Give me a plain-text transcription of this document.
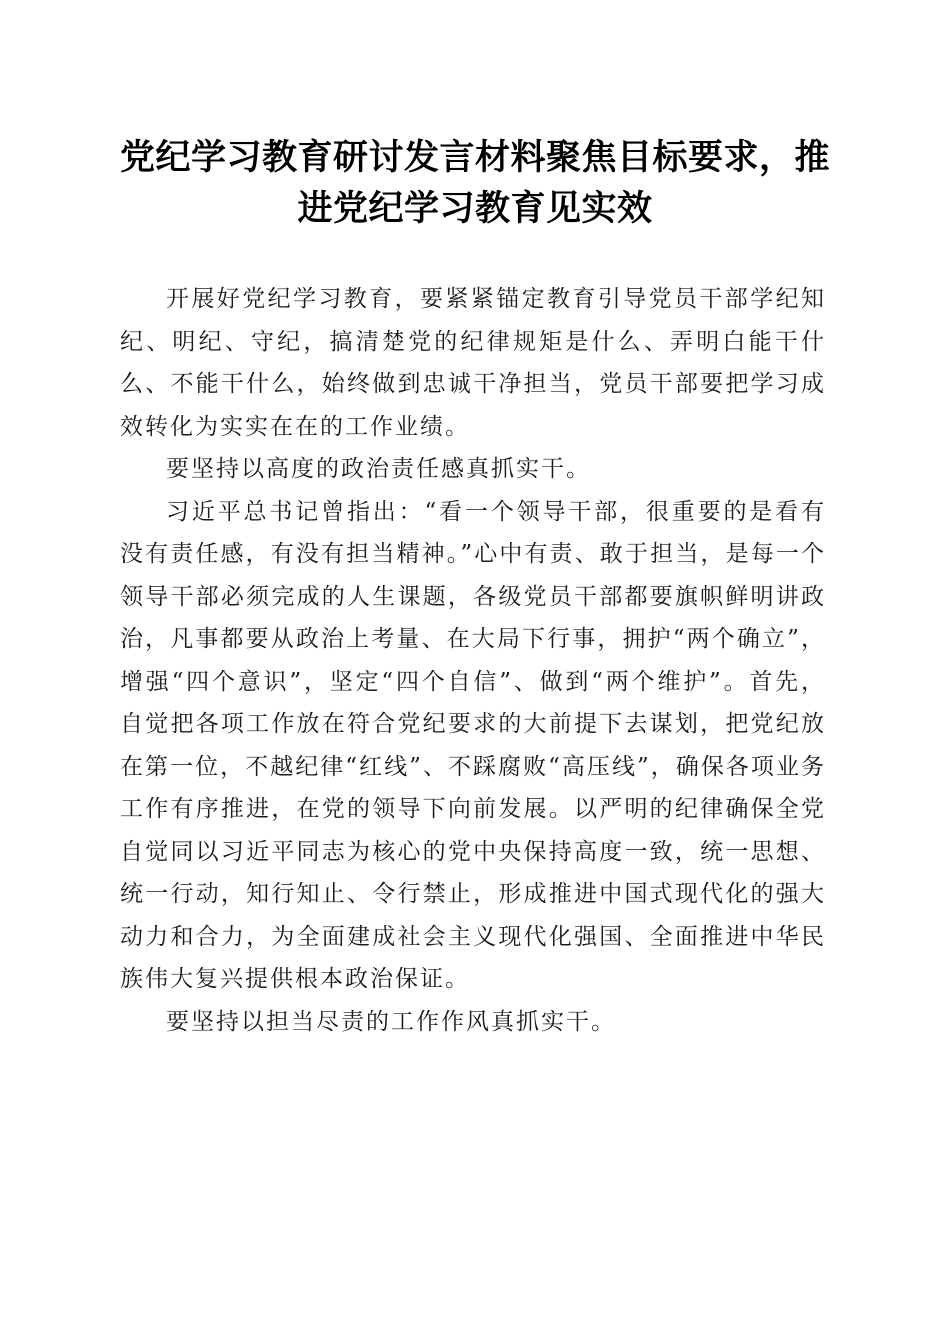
党纪学习教育研讨发言材料聚焦目标要求，推进党纪学习教育见实效

开展好党纪学习教育，要紧紧锚定教育引导党员干部学纪知纪、明纪、守纪，搞清楚党的纪律规矩是什么、弄明白能干什么、不能干什么，始终做到忠诚干净担当，党员干部要把学习成效转化为实实在在的工作业绩。

要坚持以高度的政治责任感真抓实干。

习近平总书记曾指出：“看一个领导干部，很重要的是看有没有责任感，有没有担当精神。”心中有责、敢于担当，是每一个领导干部必须完成的人生课题，各级党员干部都要旗帜鲜明讲政治，凡事都要从政治上考量、在大局下行事，拥护“两个确立”，增强“四个意识”，坚定“四个自信”、做到“两个维护”。首先，自觉把各项工作放在符合党纪要求的大前提下去谋划，把党纪放在第一位，不越纪律“红线”、不踩腐败“高压线”，确保各项业务工作有序推进，在党的领导下向前发展。以严明的纪律确保全党自觉同以习近平同志为核心的党中央保持高度一致，统一思想、统一行动，知行知止、令行禁止，形成推进中国式现代化的强大动力和合力，为全面建成社会主义现代化强国、全面推进中华民族伟大复兴提供根本政治保证。

要坚持以担当尽责的工作作风真抓实干。
